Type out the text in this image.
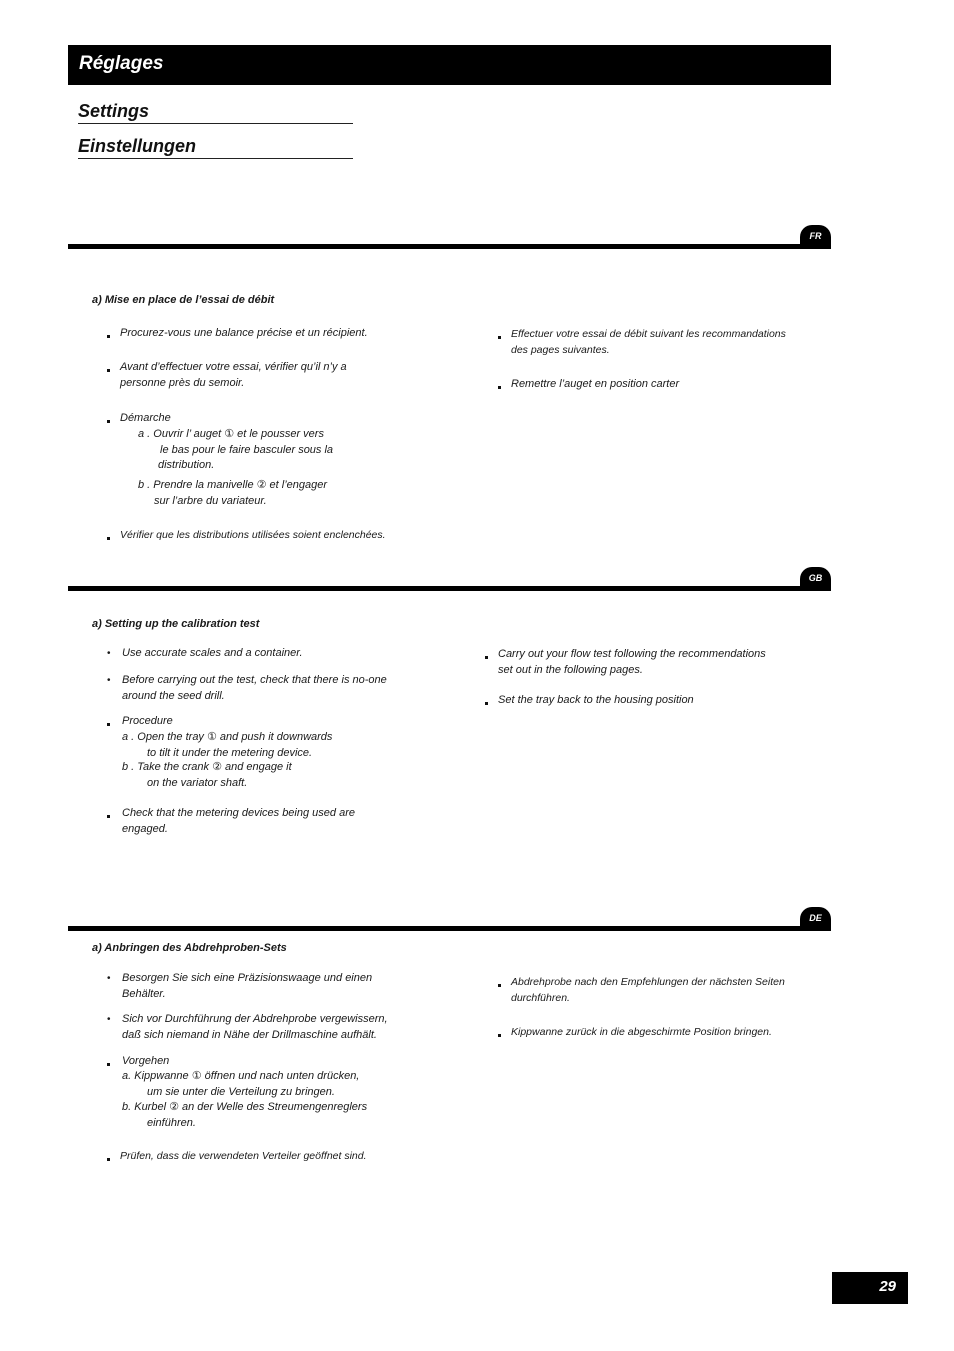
Réglages
Settings
Einstellungen
FR
a) Mise en place de l’essai de débit
Procurez-vous une balance précise et un récipient.
Avant d’effectuer votre essai, vérifier qu’il n’y a
personne près du semoir.
Démarche
a . Ouvrir l’ auget ① et le pousser vers
le bas pour le faire basculer sous la
distribution.
b . Prendre la manivelle ② et l’engager
sur l’arbre du variateur.
Vérifier que les distributions utilisées soient enclenchées.
Effectuer votre essai de débit suivant les recommandations
des pages suivantes.
Remettre l’auget en position carter
GB
a) Setting up the calibration test
• Use accurate scales and a container.
• Before carrying out the test, check that there is no-one
around the seed drill.
Procedure
a . Open the tray ① and push it downwards
to tilt it under the metering device.
b . Take the crank ② and engage it
on the variator shaft.
Check that the metering devices being used are
engaged.
Carry out your flow test following the recommendations
set out in the following pages.
Set the tray back to the housing position
DE
a) Anbringen des Abdrehproben-Sets
• Besorgen Sie sich eine Präzisionswaage und einen
Behälter.
• Sich vor Durchführung der Abdrehprobe vergewissern,
daß sich niemand in Nähe der Drillmaschine aufhält.
Vorgehen
a. Kippwanne ① öffnen und nach unten drücken,
um sie unter die Verteilung zu bringen.
b. Kurbel ② an der Welle des Streumengenreglers
einführen.
Prüfen, dass die verwendeten Verteiler geöffnet sind.
Abdrehprobe nach den Empfehlungen der nächsten Seiten
durchführen.
Kippwanne zurück in die abgeschirmte Position bringen.
29
